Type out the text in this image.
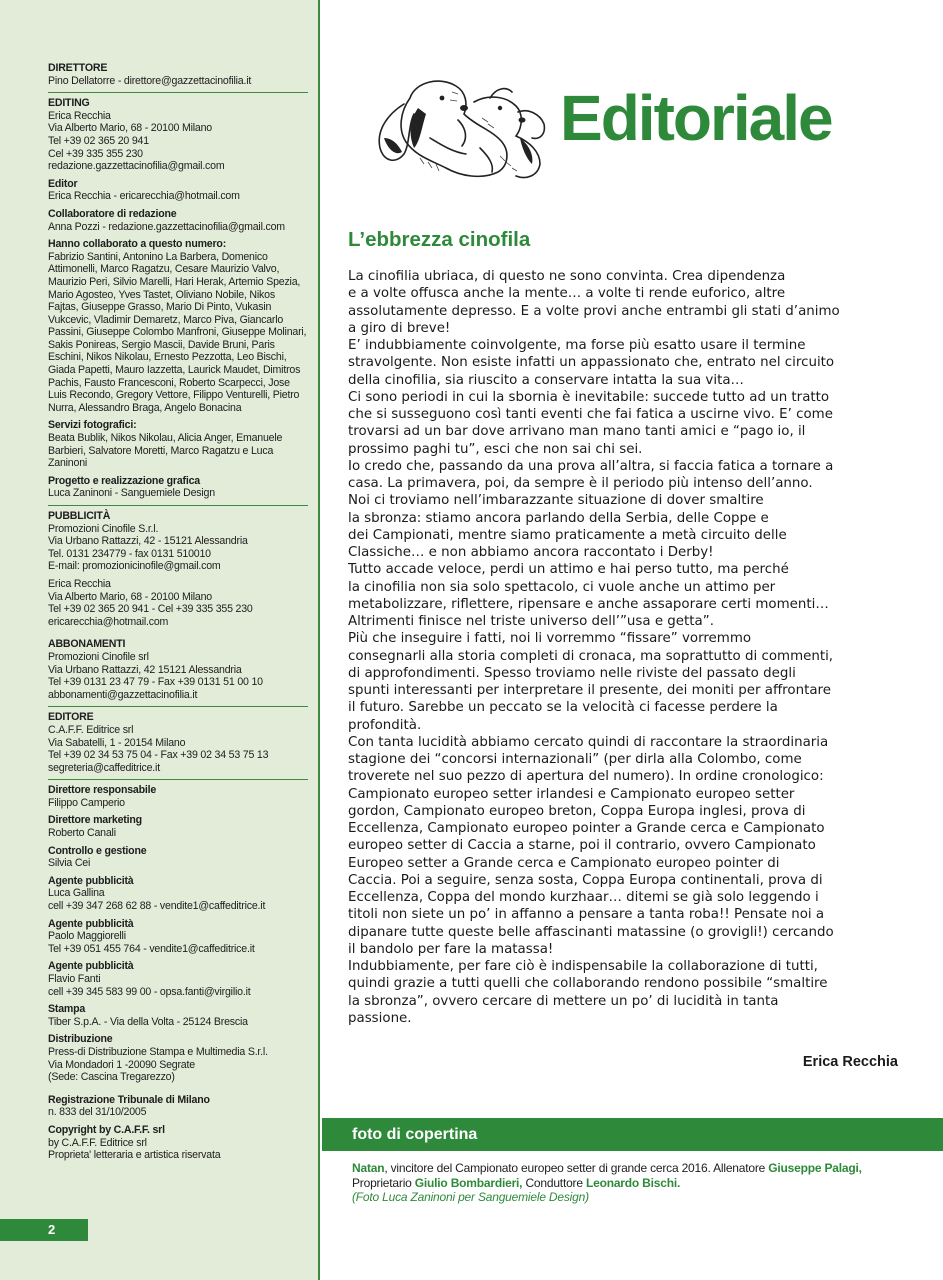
DIRETTORE
Pino Dellatorre - direttore@gazzettacinofilia.it
EDITING
Erica Recchia
Via Alberto Mario, 68 - 20100 Milano
Tel +39 02 365 20 941
Cel +39 335 355 230
redazione.gazzettacinofilia@gmail.com
Editor
Erica Recchia - ericarecchia@hotmail.com
Collaboratore di redazione
Anna Pozzi - redazione.gazzettacinofilia@gmail.com
Hanno collaborato a questo numero:
Fabrizio Santini, Antonino La Barbera, Domenico Attimonelli, Marco Ragatzu, Cesare Maurizio Valvo, Maurizio Peri, Silvio Marelli, Hari Herak, Artemio Spezia, Mario Agosteo, Yves Tastet, Oliviano Nobile, Nikos Fajtas, Giuseppe Grasso, Mario Di Pinto, Vukasin Vukcevic, Vladimir Demaretz, Marco Piva, Giancarlo Passini, Giuseppe Colombo Manfroni, Giuseppe Molinari, Sakis Ponireas, Sergio Mascii, Davide Bruni, Paris Eschini, Nikos Nikolau, Ernesto Pezzotta, Leo Bischi, Giada Papetti, Mauro Iazzetta, Laurick Maudet, Dimitros Pachis, Fausto Francesconi, Roberto Scarpecci, Jose Luis Recondo, Gregory Vettore, Filippo Venturelli, Pietro Nurra, Alessandro Braga, Angelo Bonacina
Servizi fotografici:
Beata Bublik, Nikos Nikolau, Alicia Anger, Emanuele Barbieri, Salvatore Moretti, Marco Ragatzu e Luca Zaninoni
Progetto e realizzazione grafica
Luca Zaninoni - Sanguemiele Design
PUBBLICITÀ
Promozioni Cinofile S.r.l.
Via Urbano Rattazzi, 42 - 15121 Alessandria
Tel. 0131 234779 - fax 0131 510010
E-mail: promozionicinofile@gmail.com
Erica Recchia
Via Alberto Mario, 68 - 20100 Milano
Tel +39 02 365 20 941 - Cel +39 335 355 230
ericarecchia@hotmail.com
ABBONAMENTI
Promozioni Cinofile srl
Via Urbano Rattazzi, 42 15121 Alessandria
Tel +39 0131 23 47 79 - Fax +39 0131 51 00 10
abbonamenti@gazzettacinofilia.it
EDITORE
C.A.F.F. Editrice srl
Via Sabatelli, 1 - 20154 Milano
Tel +39 02 34 53 75 04 - Fax +39 02 34 53 75 13
segreteria@caffeditrice.it
Direttore responsabile
Filippo Camperio
Direttore marketing
Roberto Canali
Controllo e gestione
Silvia Cei
Agente pubblicità
Luca Gallina
cell +39 347 268 62 88 - vendite1@caffeditrice.it
Agente pubblicità
Paolo Maggiorelli
Tel +39 051 455 764 - vendite1@caffeditrice.it
Agente pubblicità
Flavio Fanti
cell +39 345 583 99 00 - opsa.fanti@virgilio.it
Stampa
Tiber S.p.A. - Via della Volta - 25124 Brescia
Distribuzione
Press-di Distribuzione Stampa e Multimedia S.r.l.
Via Mondadori 1 -20090 Segrate
(Sede: Cascina Tregarezzo)
Registrazione Tribunale di Milano
n. 833 del 31/10/2005
Copyright by C.A.F.F. srl
by C.A.F.F. Editrice srl
Proprieta' letteraria e artistica riservata
2
Editoriale
L’ebbrezza cinofila
La cinofilia ubriaca, di questo ne sono convinta. Crea dipendenza
e a volte offusca anche la mente… a volte ti rende euforico, altre
assolutamente depresso. E a volte provi anche entrambi gli stati d’animo
a giro di breve!
E’ indubbiamente coinvolgente, ma forse più esatto usare il termine
stravolgente. Non esiste infatti un appassionato che, entrato nel circuito
della cinofilia, sia riuscito a conservare intatta la sua vita…
Ci sono periodi in cui la sbornia è inevitabile: succede tutto ad un tratto
che si susseguono così tanti eventi che fai fatica a uscirne vivo. E’ come
trovarsi ad un bar dove arrivano man mano tanti amici e “pago io, il
prossimo paghi tu”, esci che non sai chi sei.
Io credo che, passando da una prova all’altra, si faccia fatica a tornare a
casa. La primavera, poi, da sempre è il periodo più intenso dell’anno.
Noi ci troviamo nell’imbarazzante situazione di dover smaltire
la sbronza: stiamo ancora parlando della Serbia, delle Coppe e
dei Campionati, mentre siamo praticamente a metà circuito delle
Classiche… e non abbiamo ancora raccontato i Derby!
Tutto accade veloce, perdi un attimo e hai perso tutto, ma perché
la cinofilia non sia solo spettacolo, ci vuole anche un attimo per
metabolizzare, riflettere, ripensare e anche assaporare certi momenti…
Altrimenti finisce nel triste universo dell’”usa e getta”.
Più che inseguire i fatti, noi li vorremmo “fissare” vorremmo
consegnarli alla storia completi di cronaca, ma soprattutto di commenti,
di approfondimenti. Spesso troviamo nelle riviste del passato degli
spunti interessanti per interpretare il presente, dei moniti per affrontare
il futuro. Sarebbe un peccato se la velocità ci facesse perdere la
profondità.
Con tanta lucidità abbiamo cercato quindi di raccontare la straordinaria
stagione dei “concorsi internazionali” (per dirla alla Colombo, come
troverete nel suo pezzo di apertura del numero). In ordine cronologico:
Campionato europeo setter irlandesi e Campionato europeo setter
gordon, Campionato europeo breton, Coppa Europa inglesi, prova di
Eccellenza, Campionato europeo pointer a Grande cerca e Campionato
europeo setter di Caccia a starne, poi il contrario, ovvero Campionato
Europeo setter a Grande cerca e Campionato europeo pointer di
Caccia. Poi a seguire, senza sosta, Coppa Europa continentali, prova di
Eccellenza, Coppa del mondo kurzhaar… ditemi se già solo leggendo i
titoli non siete un po’ in affanno a pensare a tanta roba!! Pensate noi a
dipanare tutte queste belle affascinanti matassine (o grovigli!) cercando
il bandolo per fare la matassa!
Indubbiamente, per fare ciò è indispensabile la collaborazione di tutti,
quindi grazie a tutti quelli che collaborando rendono possibile “smaltire
la sbronza”, ovvero cercare di mettere un po’ di lucidità in tanta
passione.
Erica Recchia
foto di copertina
Natan, vincitore del Campionato europeo setter di grande cerca 2016. Allenatore Giuseppe Palagi,
Proprietario Giulio Bombardieri, Conduttore Leonardo Bischi.
(Foto Luca Zaninoni per Sanguemiele Design)
